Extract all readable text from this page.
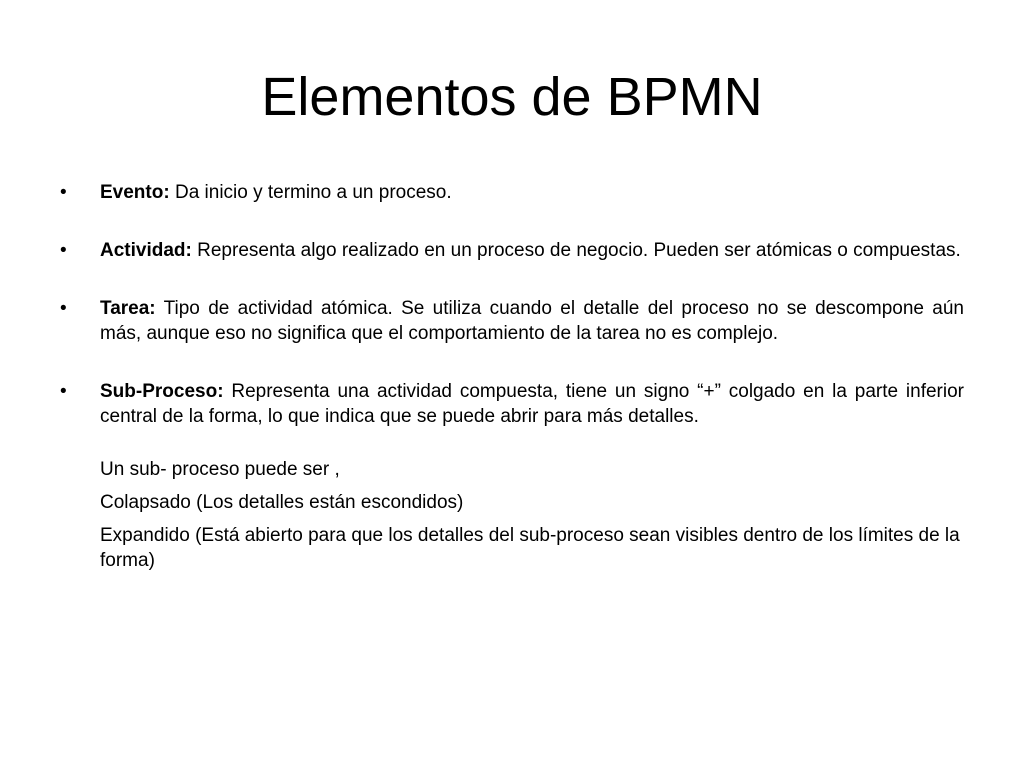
Elementos de BPMN
•	Evento: Da inicio y termino a un proceso.
•	Actividad: Representa algo realizado en un proceso de negocio. Pueden ser atómicas o compuestas.
•	Tarea: Tipo de actividad atómica. Se utiliza cuando el detalle del proceso no se descompone aún más, aunque eso no significa que el comportamiento de la tarea no es complejo.
•	Sub-Proceso: Representa una actividad compuesta, tiene un signo “+” colgado en la parte inferior central de la forma, lo que indica que se puede abrir para más detalles.
Un sub- proceso puede ser ,
Colapsado (Los detalles están escondidos)
Expandido (Está abierto para que los detalles del sub-proceso sean visibles dentro de los límites de la forma)
